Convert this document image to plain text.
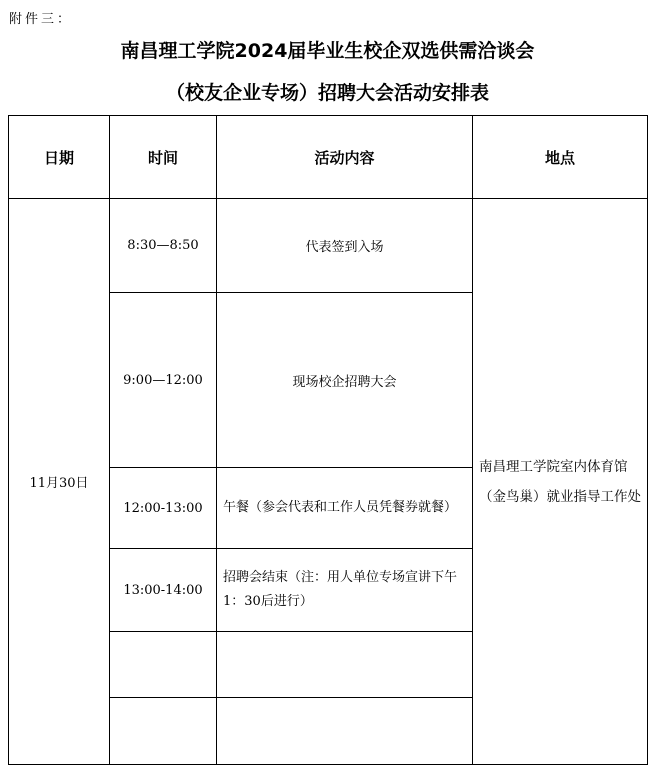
附件三：
南昌理工学院2024届毕业生校企双选供需洽谈会
（校友企业专场）招聘大会活动安排表
日期	时间	活动内容	地点
11月30日	8:30—8:50	代表签到入场	南昌理工学院室内体育馆（金鸟巢）就业指导工作处
	9:00—12:00	现场校企招聘大会	
	12:00-13:00	午餐（参会代表和工作人员凭餐券就餐）	
	13:00-14:00	招聘会结束（注：用人单位专场宣讲下午1：30后进行）	
